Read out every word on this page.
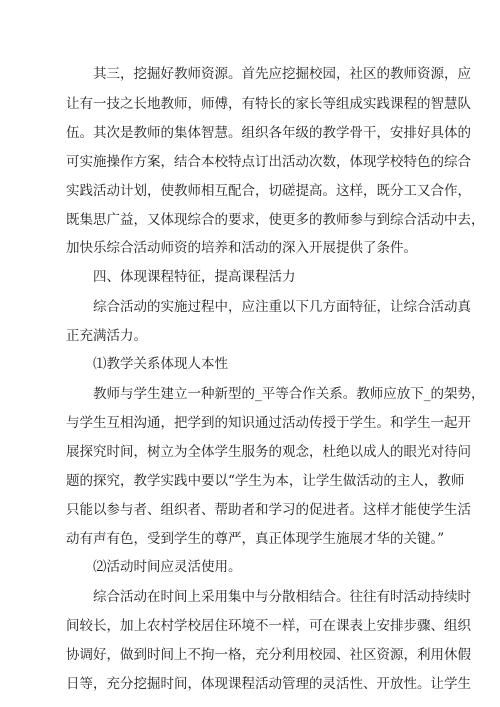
其三，挖掘好教师资源。首先应挖掘校园，社区的教师资源，应

让有一技之长地教师，师傅，有特长的家长等组成实践课程的智慧队

伍。其次是教师的集体智慧。组织各年级的教学骨干，安排好具体的

可实施操作方案，结合本校特点订出活动次数，体现学校特色的综合

实践活动计划，使教师相互配合，切磋提高。这样，既分工又合作，

既集思广益，又体现综合的要求，使更多的教师参与到综合活动中去，

加快乐综合活动师资的培养和活动的深入开展提供了条件。

四、体现课程特征，提高课程活力

综合活动的实施过程中，应注重以下几方面特征，让综合活动真

正充满活力。

⑴教学关系体现人本性

教师与学生建立一种新型的_平等合作关系。教师应放下_的架势，

与学生互相沟通，把学到的知识通过活动传授于学生。和学生一起开

展探究时间，树立为全体学生服务的观念，杜绝以成人的眼光对待问

题的探究，教学实践中要以“学生为本，让学生做活动的主人，教师

只能以参与者、组织者、帮助者和学习的促进者。这样才能使学生活

动有声有色，受到学生的尊严，真正体现学生施展才华的关键。”

⑵活动时间应灵活使用。

综合活动在时间上采用集中与分散相结合。往往有时活动持续时

间较长，加上农村学校居住环境不一样，可在课表上安排步骤、组织

协调好，做到时间上不拘一格，充分利用校园、社区资源，利用休假

日等，充分挖掘时间，体现课程活动管理的灵活性、开放性。让学生
